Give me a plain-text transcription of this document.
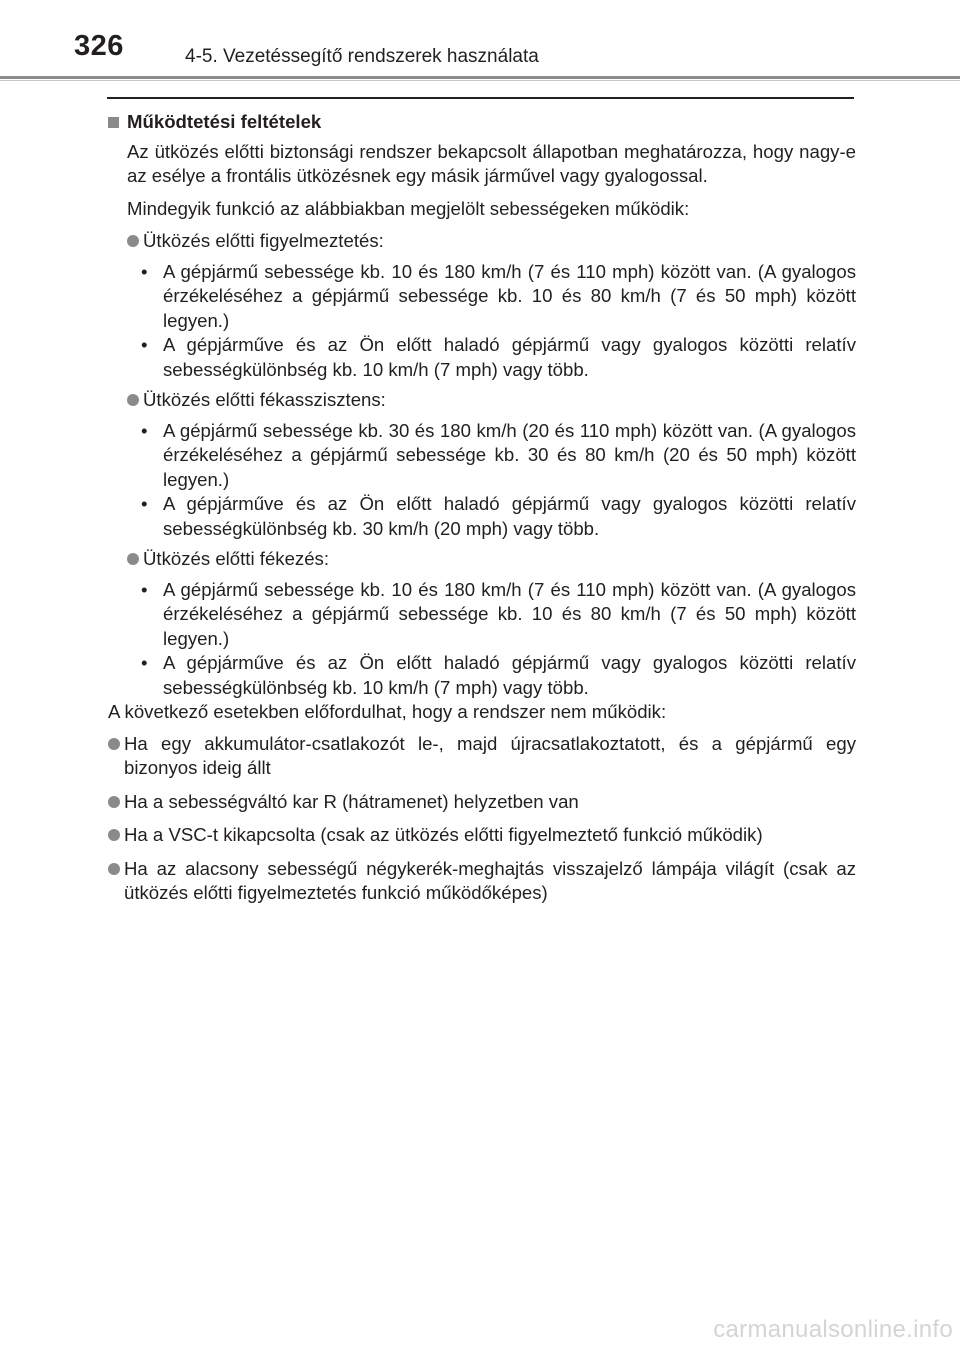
326	4-5. Vezetéssegítő rendszerek használata
Működtetési feltételek
Az ütközés előtti biztonsági rendszer bekapcsolt állapotban meghatározza, hogy nagy-e az esélye a frontális ütközésnek egy másik járművel vagy gyalogossal.
Mindegyik funkció az alábbiakban megjelölt sebességeken működik:
Ütközés előtti figyelmeztetés:
• A gépjármű sebessége kb. 10 és 180 km/h (7 és 110 mph) között van. (A gyalogos érzékeléséhez a gépjármű sebessége kb. 10 és 80 km/h (7 és 50 mph) között legyen.)
• A gépjárműve és az Ön előtt haladó gépjármű vagy gyalogos közötti relatív sebességkülönbség kb. 10 km/h (7 mph) vagy több.
Ütközés előtti fékasszisztens:
• A gépjármű sebessége kb. 30 és 180 km/h (20 és 110 mph) között van. (A gyalogos érzékeléséhez a gépjármű sebessége kb. 30 és 80 km/h (20 és 50 mph) között legyen.)
• A gépjárműve és az Ön előtt haladó gépjármű vagy gyalogos közötti relatív sebességkülönbség kb. 30 km/h (20 mph) vagy több.
Ütközés előtti fékezés:
• A gépjármű sebessége kb. 10 és 180 km/h (7 és 110 mph) között van. (A gyalogos érzékeléséhez a gépjármű sebessége kb. 10 és 80 km/h (7 és 50 mph) között legyen.)
• A gépjárműve és az Ön előtt haladó gépjármű vagy gyalogos közötti relatív sebességkülönbség kb. 10 km/h (7 mph) vagy több.
A következő esetekben előfordulhat, hogy a rendszer nem működik:
Ha egy akkumulátor-csatlakozót le-, majd újracsatlakoztatott, és a gépjármű egy bizonyos ideig állt
Ha a sebességváltó kar R (hátramenet) helyzetben van
Ha a VSC-t kikapcsolta (csak az ütközés előtti figyelmeztető funkció működik)
Ha az alacsony sebességű négykerék-meghajtás visszajelző lámpája világít (csak az ütközés előtti figyelmeztetés funkció működőképes)
carmanualsonline.info
